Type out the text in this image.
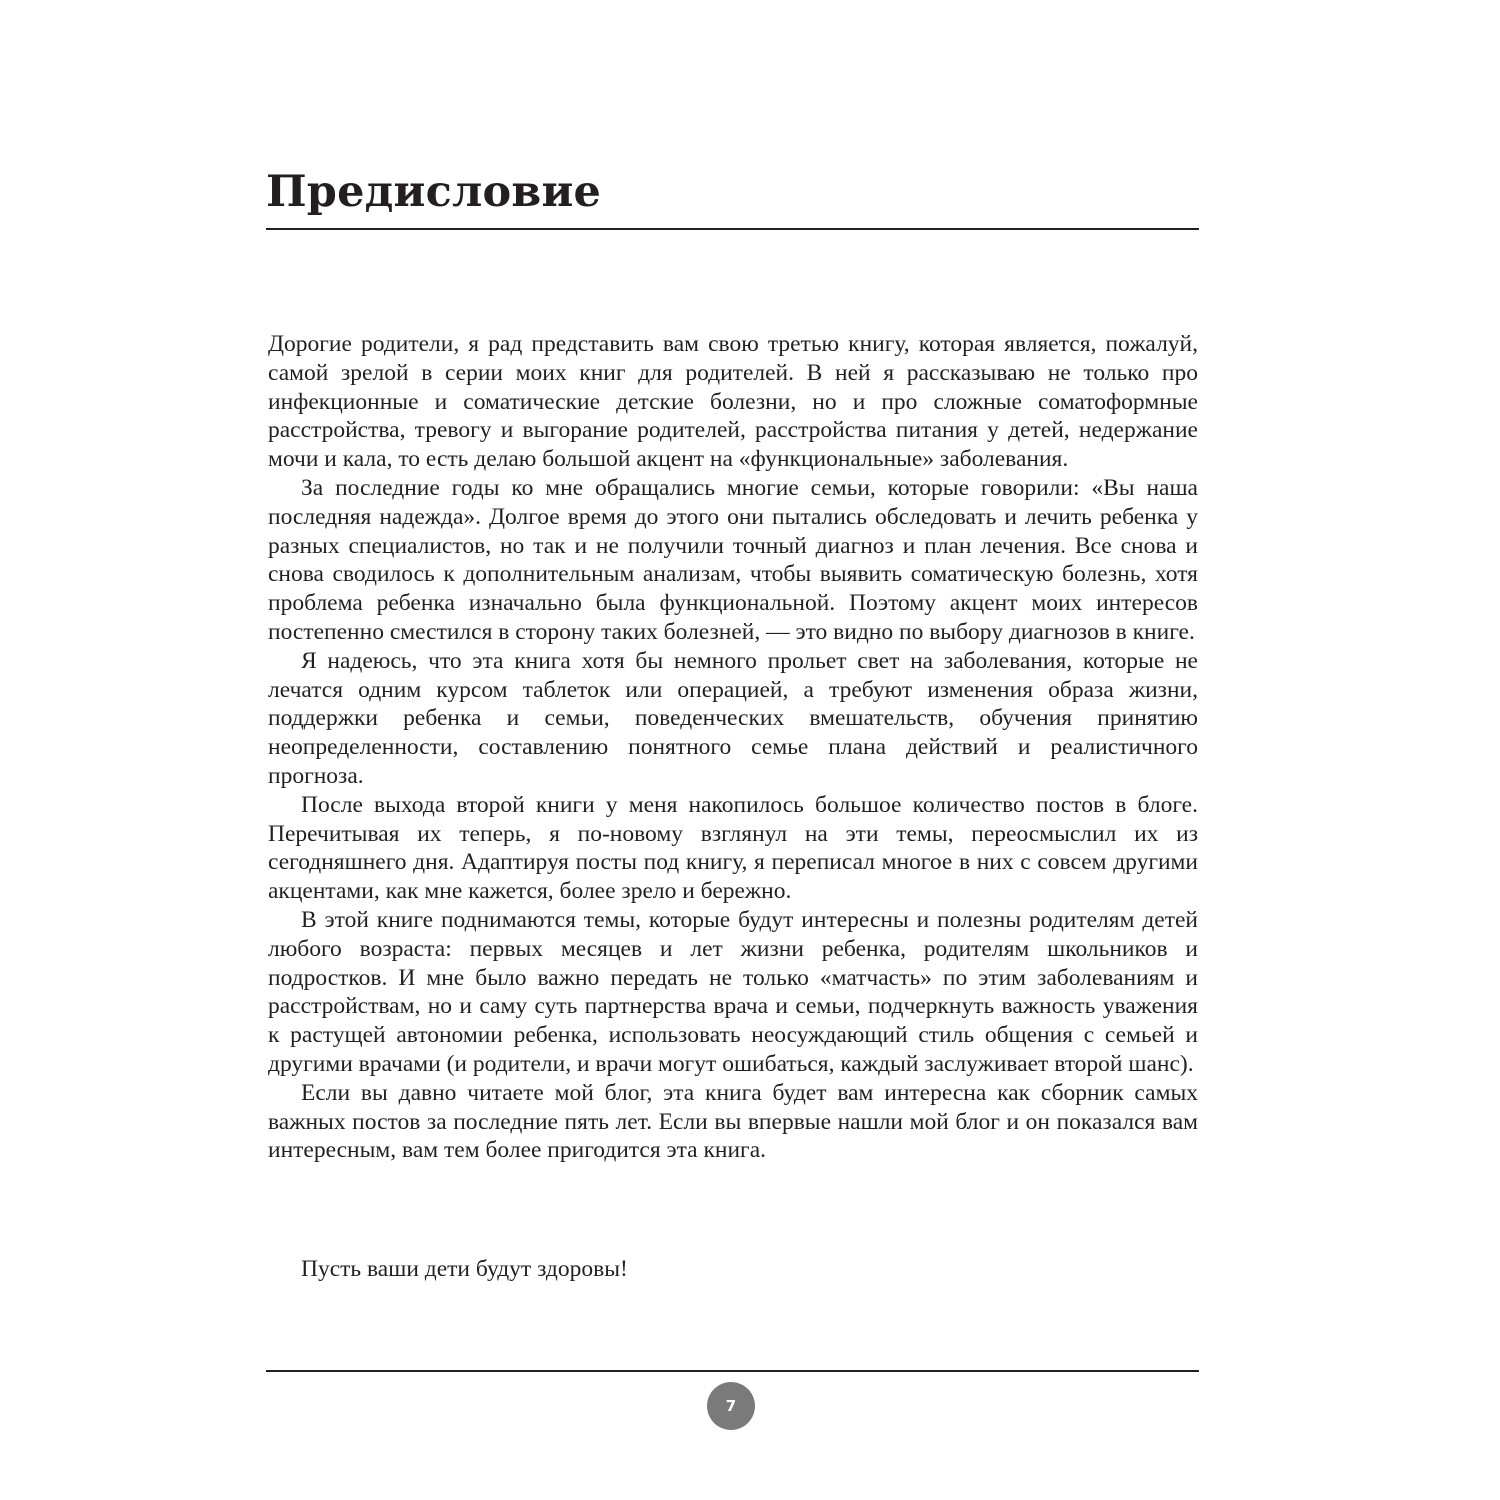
Предисловие

Дорогие родители, я рад представить вам свою третью книгу, которая является, пожалуй, самой зрелой в серии моих книг для родителей. В ней я рассказываю не только про инфекционные и соматические детские болезни, но и про сложные соматоформные расстройства, тревогу и выгорание родителей, расстройства питания у детей, недержание мочи и кала, то есть делаю большой акцент на «функциональные» заболевания.

За последние годы ко мне обращались многие семьи, которые говорили: «Вы наша последняя надежда». Долгое время до этого они пытались обследовать и лечить ребенка у разных специалистов, но так и не получили точный диагноз и план лечения. Все снова и снова сводилось к дополнительным анализам, чтобы выявить соматическую болезнь, хотя проблема ребенка изначально была функциональной. Поэтому акцент моих интересов постепенно сместился в сторону таких болезней, — это видно по выбору диагнозов в книге.

Я надеюсь, что эта книга хотя бы немного прольет свет на заболевания, которые не лечатся одним курсом таблеток или операцией, а требуют изменения образа жизни, поддержки ребенка и семьи, поведенческих вмешательств, обучения принятию неопределенности, составлению понятного семье плана действий и реалистичного прогноза.

После выхода второй книги у меня накопилось большое количество постов в блоге. Перечитывая их теперь, я по-новому взглянул на эти темы, переосмыслил их из сегодняшнего дня. Адаптируя посты под книгу, я переписал многое в них с совсем другими акцентами, как мне кажется, более зрело и бережно.

В этой книге поднимаются темы, которые будут интересны и полезны родителям детей любого возраста: первых месяцев и лет жизни ребенка, родителям школьников и подростков. И мне было важно передать не только «матчасть» по этим заболеваниям и расстройствам, но и саму суть партнерства врача и семьи, подчеркнуть важность уважения к растущей автономии ребенка, использовать неосуждающий стиль общения с семьей и другими врачами (и родители, и врачи могут ошибаться, каждый заслуживает второй шанс).

Если вы давно читаете мой блог, эта книга будет вам интересна как сборник самых важных постов за последние пять лет. Если вы впервые нашли мой блог и он показался вам интересным, вам тем более пригодится эта книга.

Пусть ваши дети будут здоровы!

7
